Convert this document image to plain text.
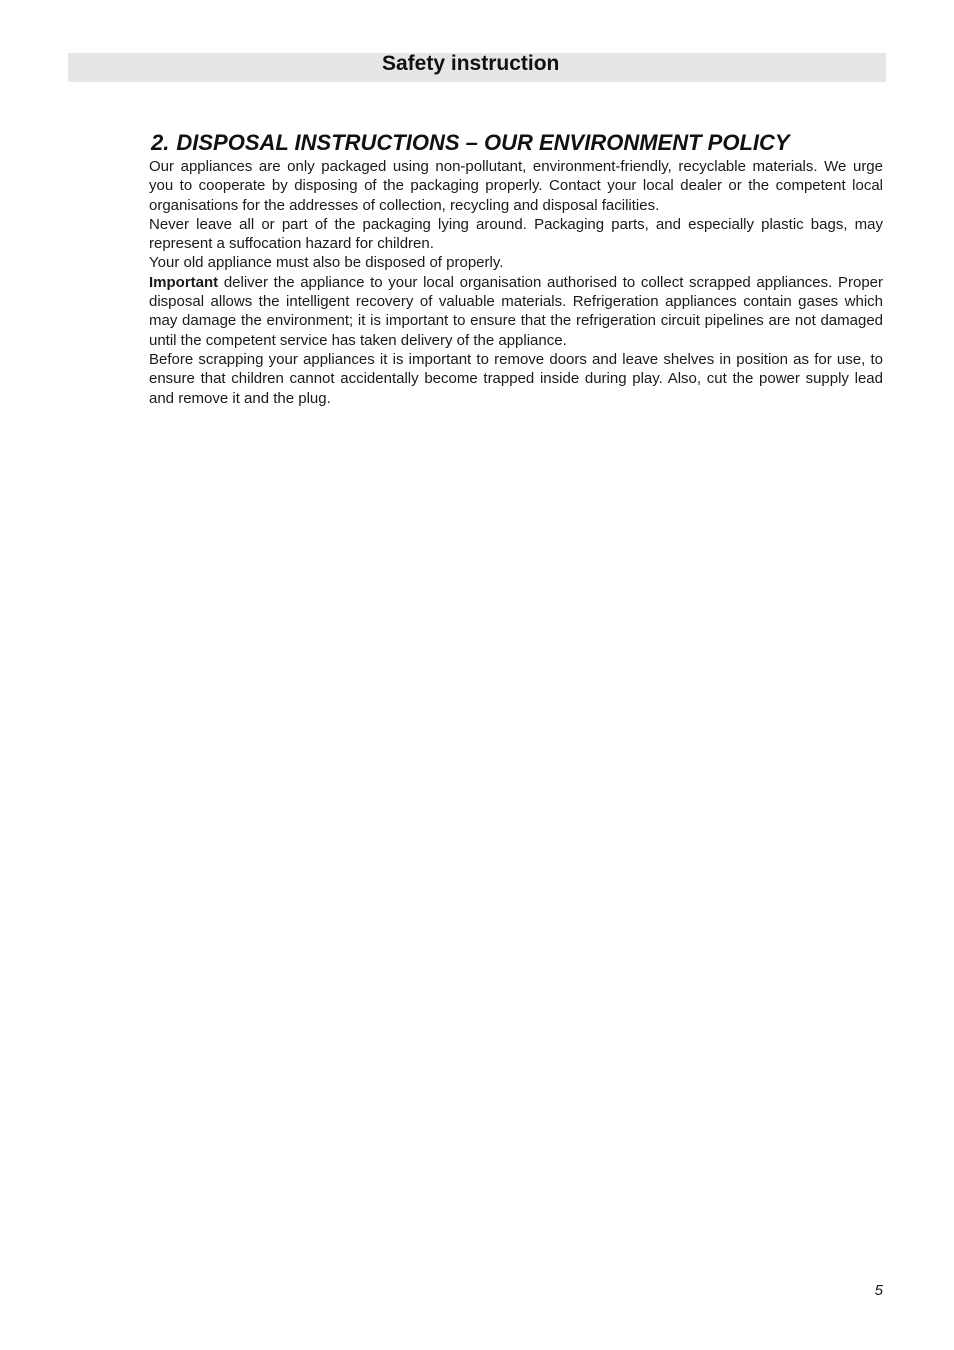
Safety instruction
2. DISPOSAL INSTRUCTIONS – OUR ENVIRONMENT POLICY

Our appliances are only packaged using non-pollutant, environment-friendly, recyclable materials. We urge you to cooperate by disposing of the packaging properly. Contact your local dealer or the competent local organisations for the addresses of collection, recycling and disposal facilities.

Never leave all or part of the packaging lying around. Packaging parts, and especially plastic bags, may represent a suffocation hazard for children.

Your old appliance must also be disposed of properly.

Important deliver the appliance to your local organisation authorised to collect scrapped appliances. Proper disposal allows the intelligent recovery of valuable materials. Refrigeration appliances contain gases which may damage the environment; it is important to ensure that the refrigeration circuit pipelines are not damaged until the competent service has taken delivery of the appliance.

Before scrapping your appliances it is important to remove doors and leave shelves in position as for use, to ensure that children cannot accidentally become trapped inside during play. Also, cut the power supply lead and remove it and the plug.

5
